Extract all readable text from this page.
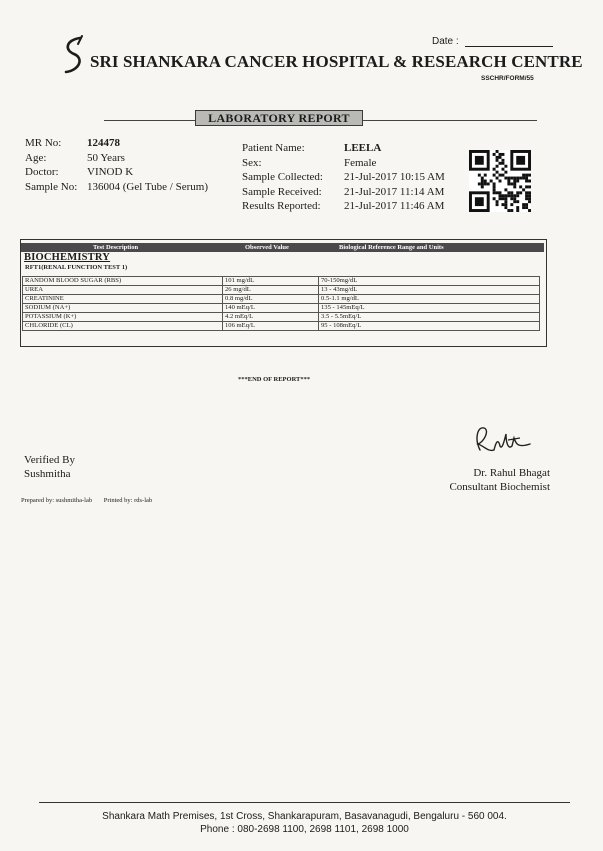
Date :
SRI SHANKARA CANCER HOSPITAL & RESEARCH CENTRE
SSCHR/FORM/55
LABORATORY REPORT
MR No:	124478
Age:	50 Years
Doctor:	VINOD K
Sample No: 136004 (Gel Tube / Serum)
Patient Name:	LEELA
Sex:	Female
Sample Collected:	21-Jul-2017 10:15 AM
Sample Received:	21-Jul-2017 11:14 AM
Results Reported:	21-Jul-2017 11:46 AM
Test Description	Observed Value	Biological Reference Range and Units
BIOCHEMISTRY
RFT1(RENAL FUNCTION TEST 1)
RANDOM BLOOD SUGAR (RBS)	101 mg/dL	70-150mg/dL
UREA	26 mg/dL	13 - 43mg/dL
CREATININE	0.8 mg/dL	0.5-1.1 mg/dL
SODIUM (NA+)	140 mEq/L	135 - 145mEq/L
POTASSIUM (K+)	4.2 mEq/L	3.5 - 5.5mEq/L
CHLORIDE (CL)	106 mEq/L	95 - 108mEq/L
***END OF REPORT***
Verified By
Sushmitha	Dr. Rahul Bhagat
Consultant Biochemist
Prepared by: sushmitha-lab Printed by: rds-lab
Shankara Math Premises, 1st Cross, Shankarapuram, Basavanagudi, Bengaluru - 560 004.
Phone : 080-2698 1100, 2698 1101, 2698 1000
